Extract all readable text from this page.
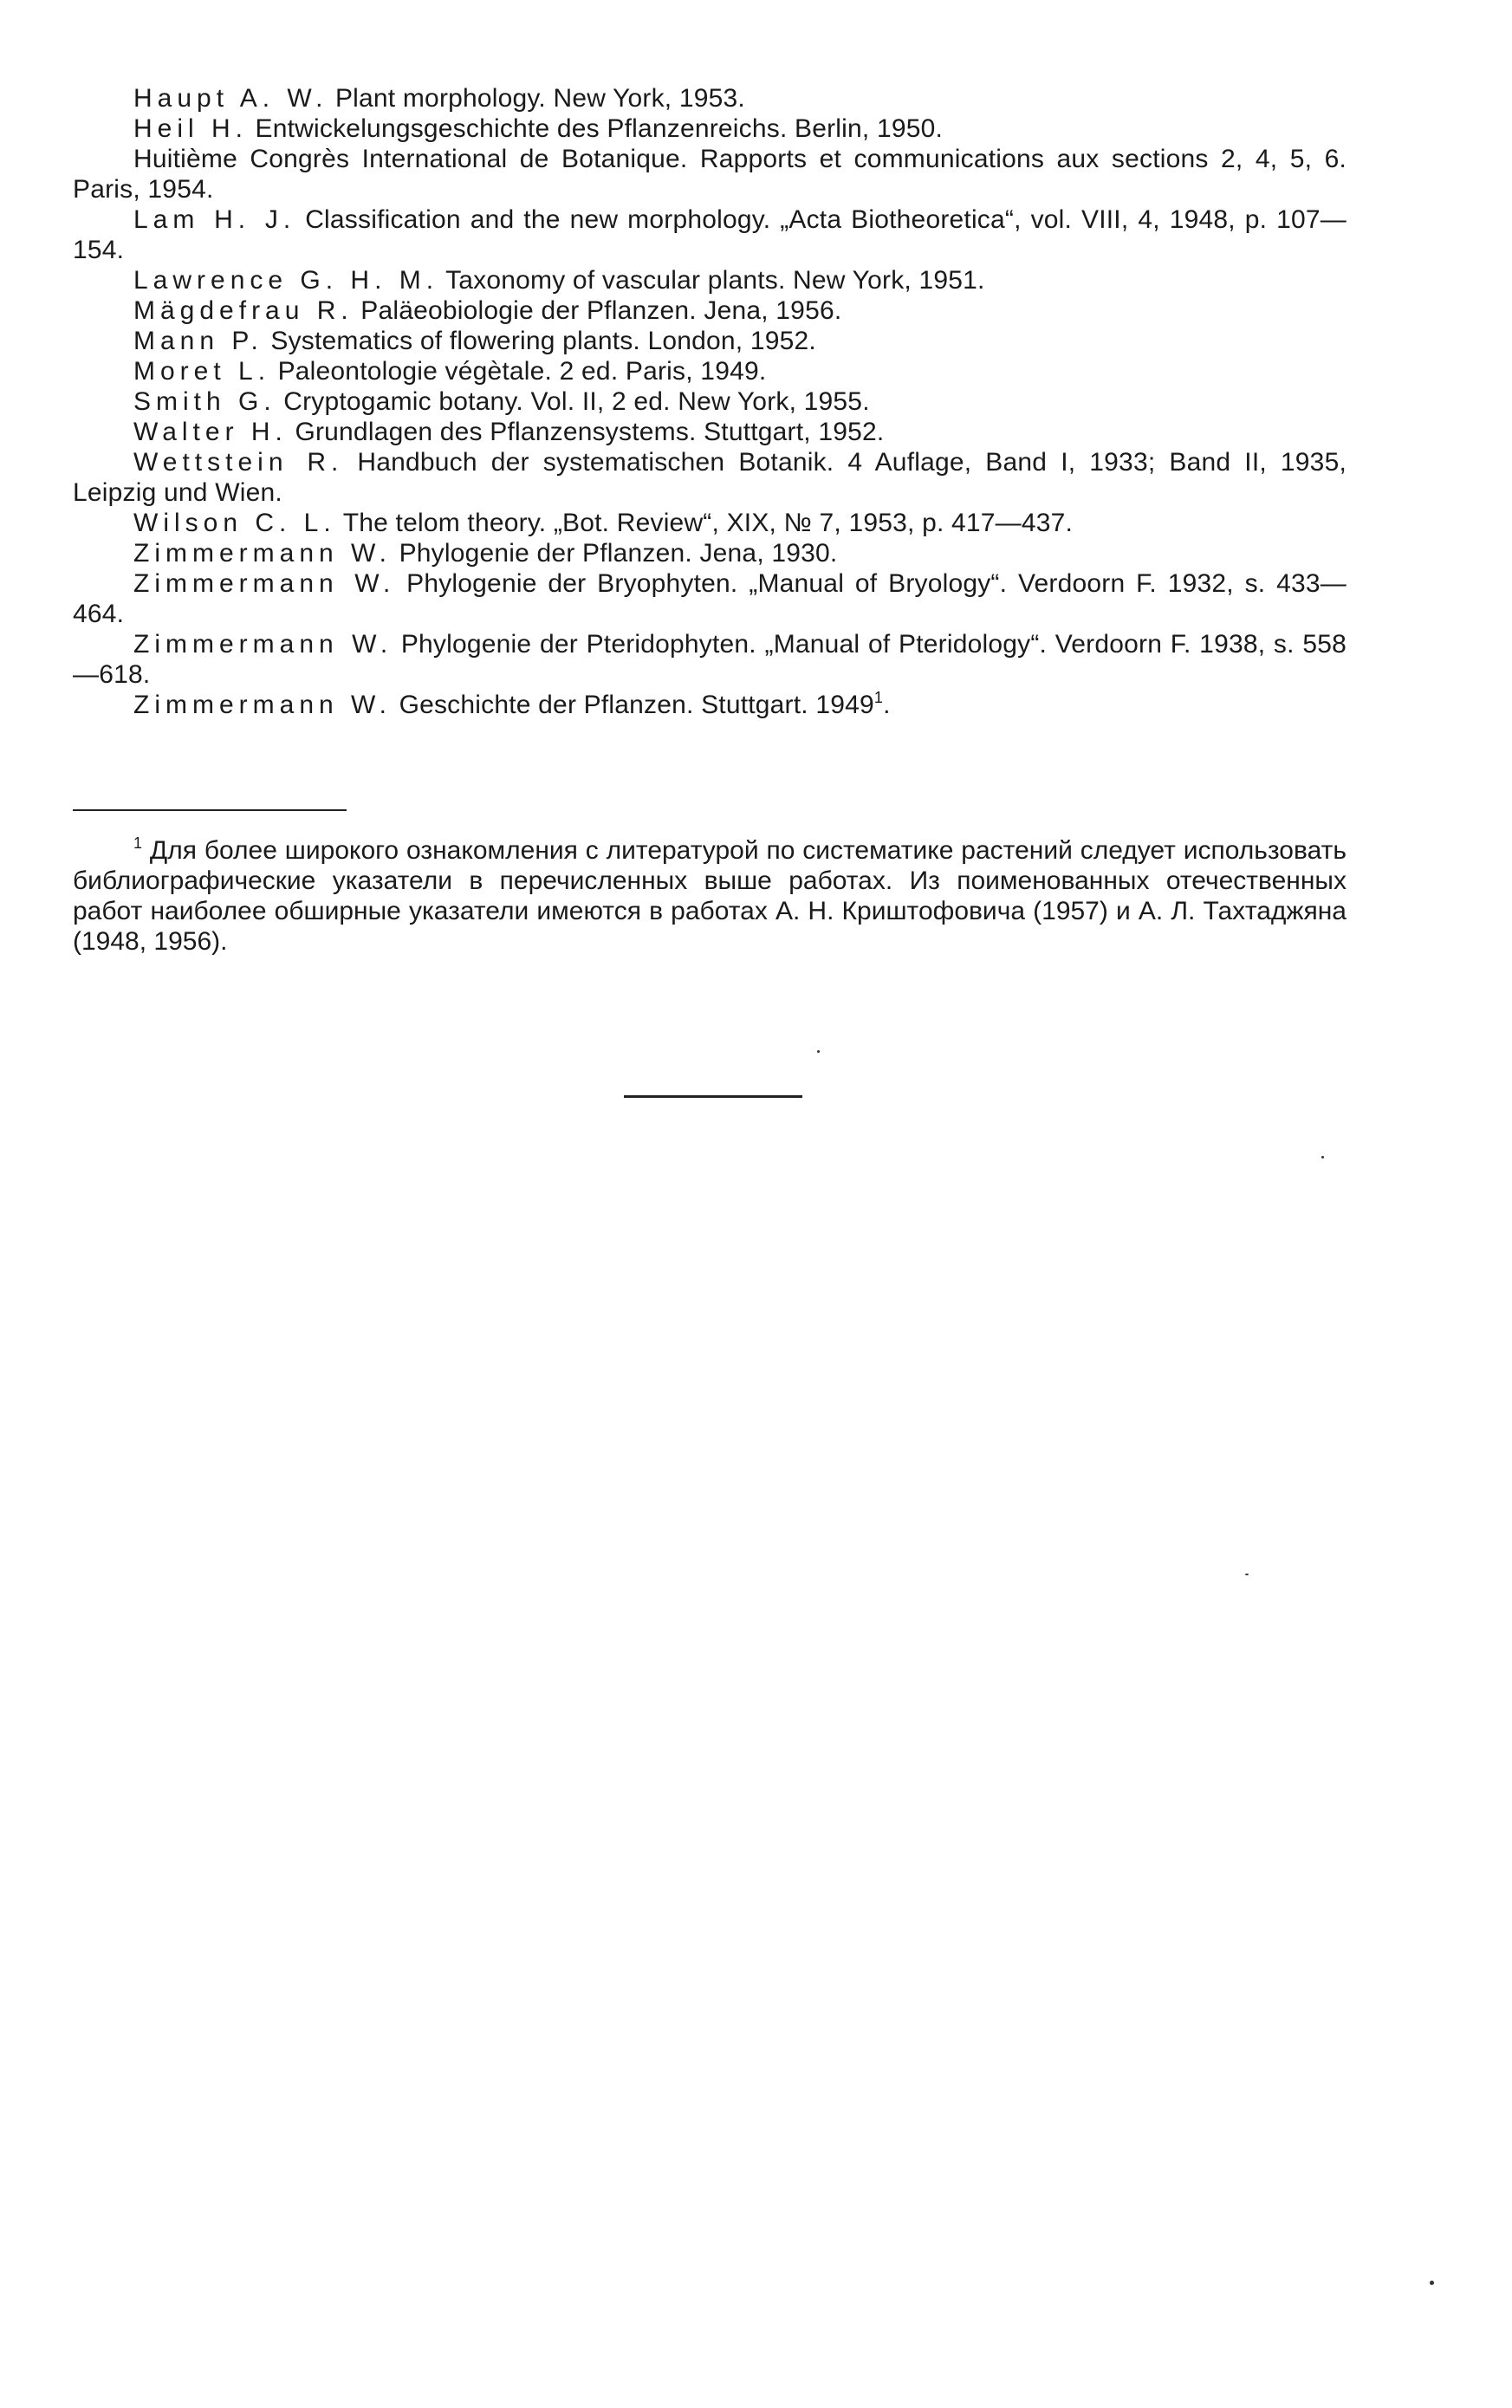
Haupt A. W. Plant morphology. New York, 1953.

Heil H. Entwickelungsgeschichte des Pflanzenreichs. Berlin, 1950.

Huitième Congrès International de Botanique. Rapports et communications aux sections 2, 4, 5, 6. Paris, 1954.

Lam H. J. Classification and the new morphology. „Acta Biotheoretica“, vol. VIII, 4, 1948, p. 107—154.

Lawrence G. H. M. Taxonomy of vascular plants. New York, 1951.

Mägdefrau R. Paläeobiologie der Pflanzen. Jena, 1956.

Mann P. Systematics of flowering plants. London, 1952.

Moret L. Paleontologie végètale. 2 ed. Paris, 1949.

Smith G. Cryptogamic botany. Vol. II, 2 ed. New York, 1955.

Walter H. Grundlagen des Pflanzensystems. Stuttgart, 1952.

Wettstein R. Handbuch der systematischen Botanik. 4 Auflage, Band I, 1933; Band II, 1935, Leipzig und Wien.

Wilson C. L. The telom theory. „Bot. Review“, XIX, № 7, 1953, p. 417—437.

Zimmermann W. Phylogenie der Pflanzen. Jena, 1930.

Zimmermann W. Phylogenie der Bryophyten. „Manual of Bryology“. Verdoorn F. 1932, s. 433—464.

Zimmermann W. Phylogenie der Pteridophyten. „Manual of Pteridology“. Verdoorn F. 1938, s. 558—618.

Zimmermann W. Geschichte der Pflanzen. Stuttgart. 1949$^1$.

$^1$ Для более широкого ознакомления с литературой по систематике растений следует использовать библиографические указатели в перечисленных выше работах. Из поименованных отечественных работ наиболее обширные указатели имеются в работах А. Н. Криштофовича (1957) и А. Л. Тахтаджяна (1948, 1956).
